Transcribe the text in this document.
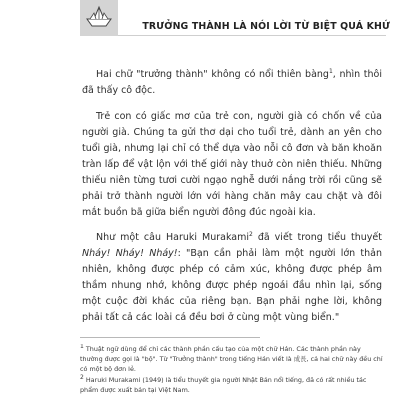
TRƯỞNG THÀNH LÀ NÓI LỜI TỪ BIỆT QUÁ KHỨ

Hai chữ "trưởng thành" không có nổi thiên bàng$^1$, nhìn thôi đã thấy cô độc.

Trẻ con có giấc mơ của trẻ con, người già có chốn về của người già. Chúng ta gửi thơ dại cho tuổi trẻ, dành an yên cho tuổi già, nhưng lại chỉ có thể dựa vào nỗi cô đơn và băn khoăn tràn lấp để vật lộn với thế giới này thuở còn niên thiếu. Những thiếu niên từng tươi cười ngạo nghễ dưới nắng trời rồi cũng sẽ phải trở thành người lớn với hàng chăn mây cau chặt và đôi mắt buồn bã giữa biển người đông đúc ngoài kia.

Như một câu Haruki Murakami$^2$ đã viết trong tiểu thuyết Nháy! Nháy! Nháy!: "Bạn cần phải làm một người lớn thản nhiên, không được phép có cảm xúc, không được phép âm thầm nhung nhớ, không được phép ngoái đầu nhìn lại, sống một cuộc đời khác của riêng bạn. Bạn phải nghe lời, không phải tất cả các loài cá đều bơi ở cùng một vùng biển."

$^1$ Thuật ngữ dùng để chỉ các thành phần cấu tạo của một chữ Hán. Các thành phần này thường được gọi là "bộ". Từ "Trưởng thành" trong tiếng Hán viết là 成長, cả hai chữ này đều chỉ có một bộ đơn lẻ.

$^2$ Haruki Murakami (1949) là tiểu thuyết gia người Nhật Bản nổi tiếng, đã có rất nhiều tác phẩm được xuất bản tại Việt Nam.
